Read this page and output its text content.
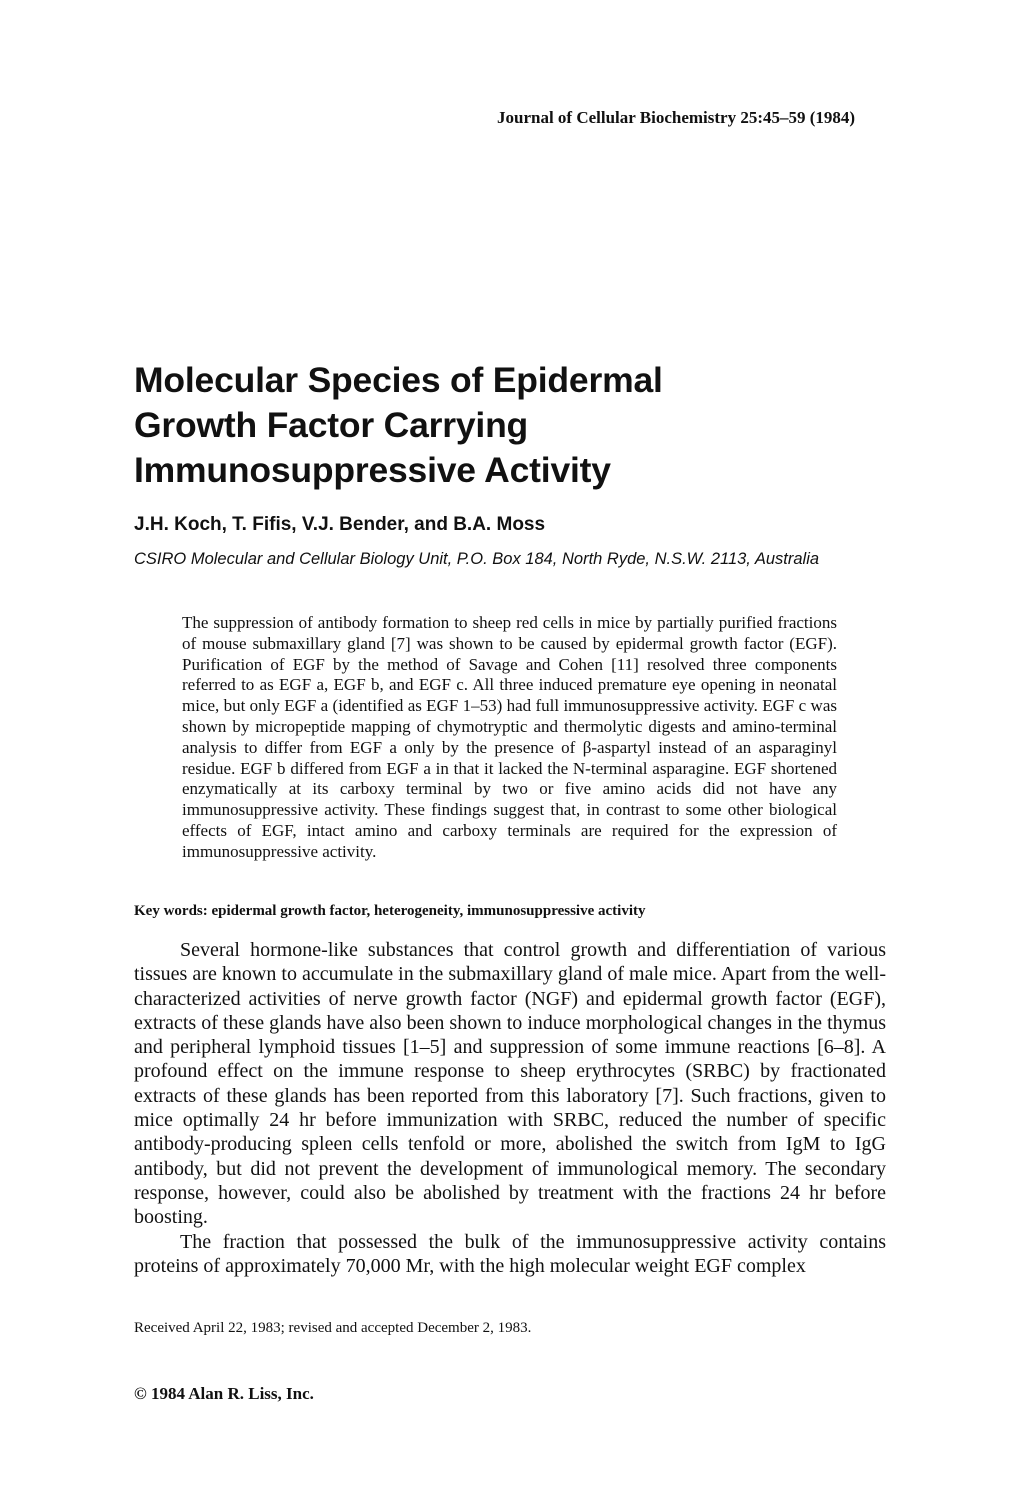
Journal of Cellular Biochemistry 25:45–59 (1984)
Molecular Species of Epidermal
Growth Factor Carrying
Immunosuppressive Activity
J.H. Koch, T. Fifis, V.J. Bender, and B.A. Moss
CSIRO Molecular and Cellular Biology Unit, P.O. Box 184, North Ryde, N.S.W. 2113, Australia

The suppression of antibody formation to sheep red cells in mice by partially purified fractions of mouse submaxillary gland [7] was shown to be caused by epidermal growth factor (EGF). Purification of EGF by the method of Savage and Cohen [11] resolved three components referred to as EGF a, EGF b, and EGF c. All three induced premature eye opening in neonatal mice, but only EGF a (identified as EGF 1–53) had full immunosuppressive activity. EGF c was shown by micropeptide mapping of chymotryptic and thermolytic digests and amino-terminal analysis to differ from EGF a only by the presence of β-aspartyl instead of an asparaginyl residue. EGF b differed from EGF a in that it lacked the N-terminal asparagine. EGF shortened enzymatically at its carboxy terminal by two or five amino acids did not have any immunosuppressive activity. These findings suggest that, in contrast to some other biological effects of EGF, intact amino and carboxy terminals are required for the expression of immunosuppressive activity.

Key words: epidermal growth factor, heterogeneity, immunosuppressive activity

Several hormone-like substances that control growth and differentiation of various tissues are known to accumulate in the submaxillary gland of male mice. Apart from the well-characterized activities of nerve growth factor (NGF) and epidermal growth factor (EGF), extracts of these glands have also been shown to induce morphological changes in the thymus and peripheral lymphoid tissues [1–5] and suppression of some immune reactions [6–8]. A profound effect on the immune response to sheep erythrocytes (SRBC) by fractionated extracts of these glands has been reported from this laboratory [7]. Such fractions, given to mice optimally 24 hr before immunization with SRBC, reduced the number of specific antibody-producing spleen cells tenfold or more, abolished the switch from IgM to IgG antibody, but did not prevent the development of immunological memory. The secondary response, however, could also be abolished by treatment with the fractions 24 hr before boosting.

The fraction that possessed the bulk of the immunosuppressive activity contains proteins of approximately 70,000 Mr, with the high molecular weight EGF complex

Received April 22, 1983; revised and accepted December 2, 1983.
© 1984 Alan R. Liss, Inc.
